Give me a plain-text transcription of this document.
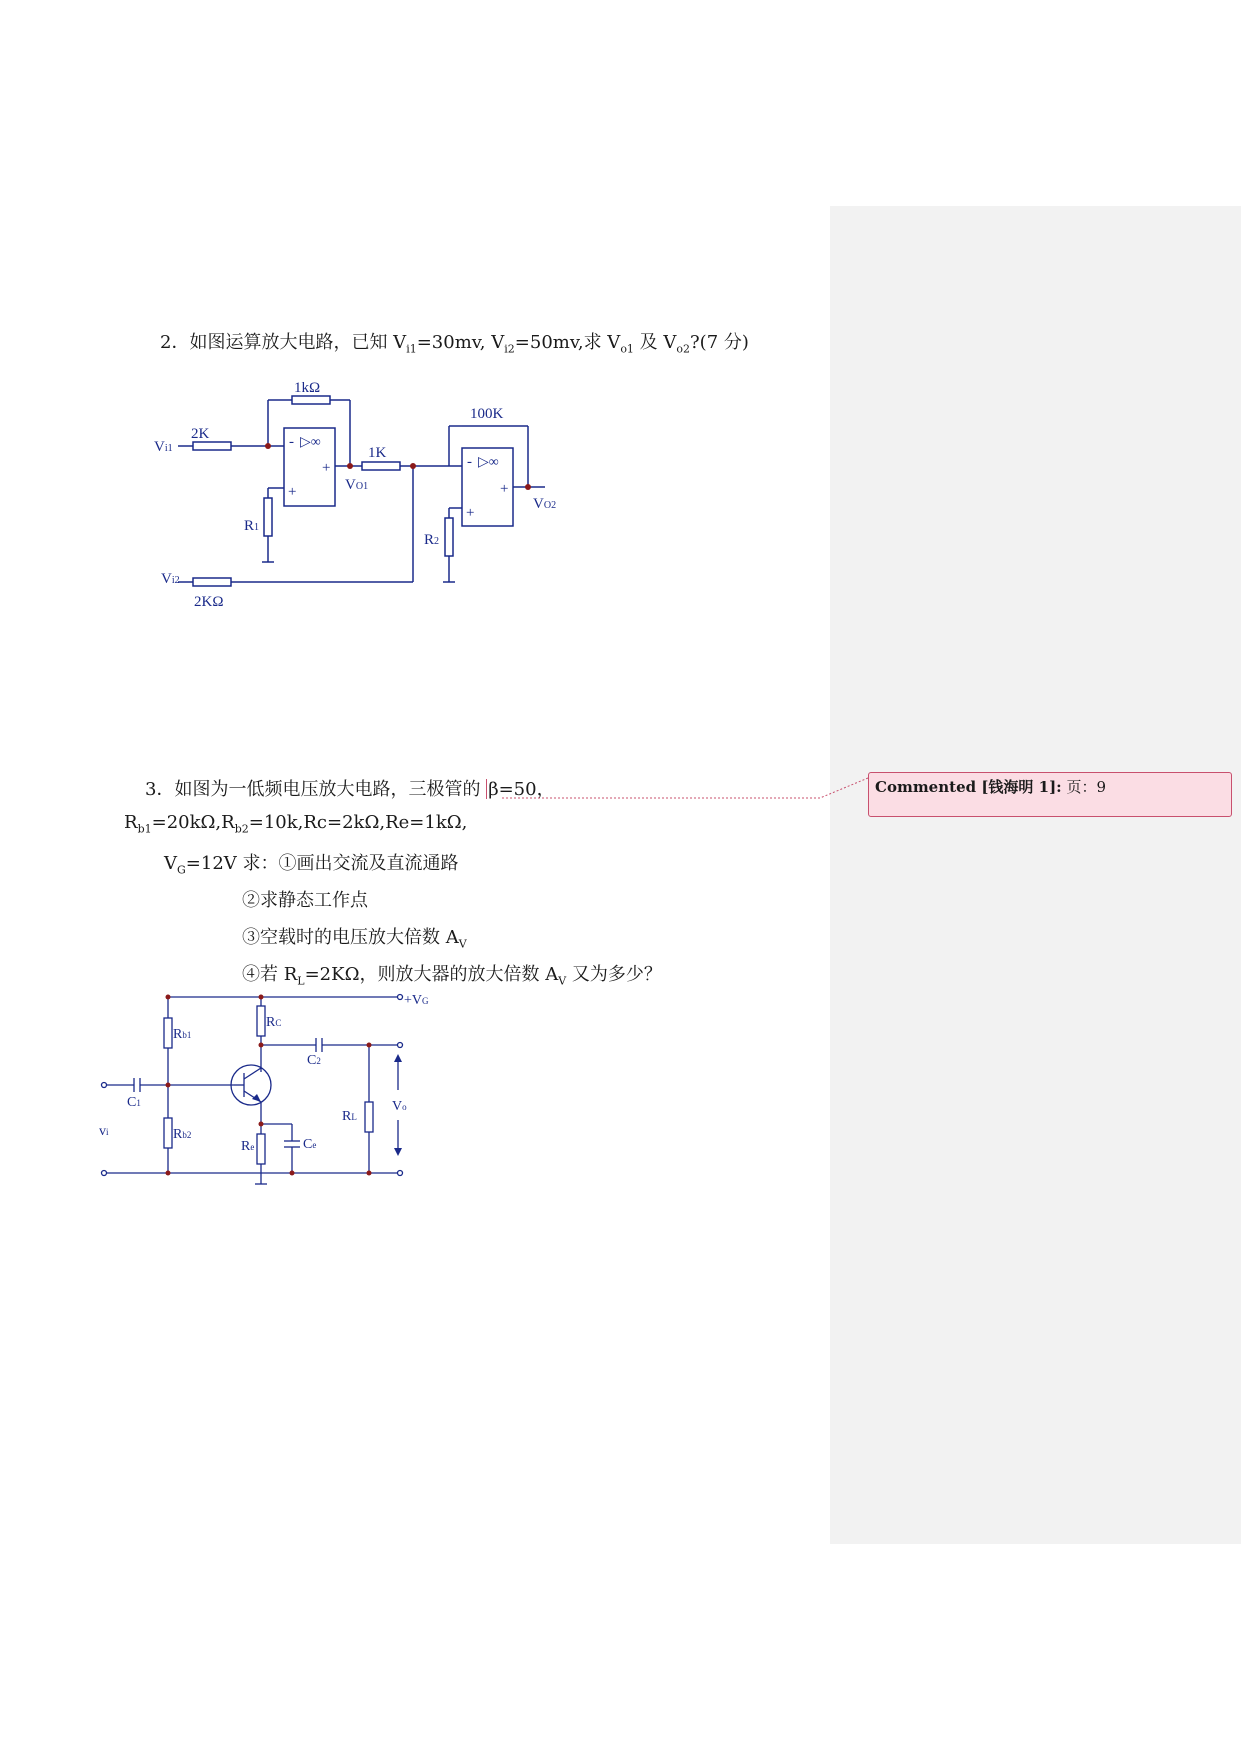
2．如图运算放大电路，已知 $V_{i1}=30mv$, $V_{i2}=50mv$,求 $V_{o1}$ 及 $V_{o2}?(7$ 分)
3．如图为一低频电压放大电路，三极管的 β=50，
$R_{b1}=20k\Omega,R_{b2}=10k,Rc=2k\Omega,Re=1k\Omega$,
$V_G=12V$ 求：①画出交流及直流通路
②求静态工作点
③空载时的电压放大倍数 $A_V$
④若 $R_L=2K\Omega$，则放大器的放大倍数 $A_V$ 又为多少？
Commented [钱海明 1]: 页：9
Vi1
2K
1kΩ
- ▷∞
+
+	VO1
1K
100K
- ▷∞
+
+
VO2
R1
R2
Vi2
2KΩ
+VG
Rb1
RC
C2
C1
vi	Rb2
Re	Ce
RL
Vo
